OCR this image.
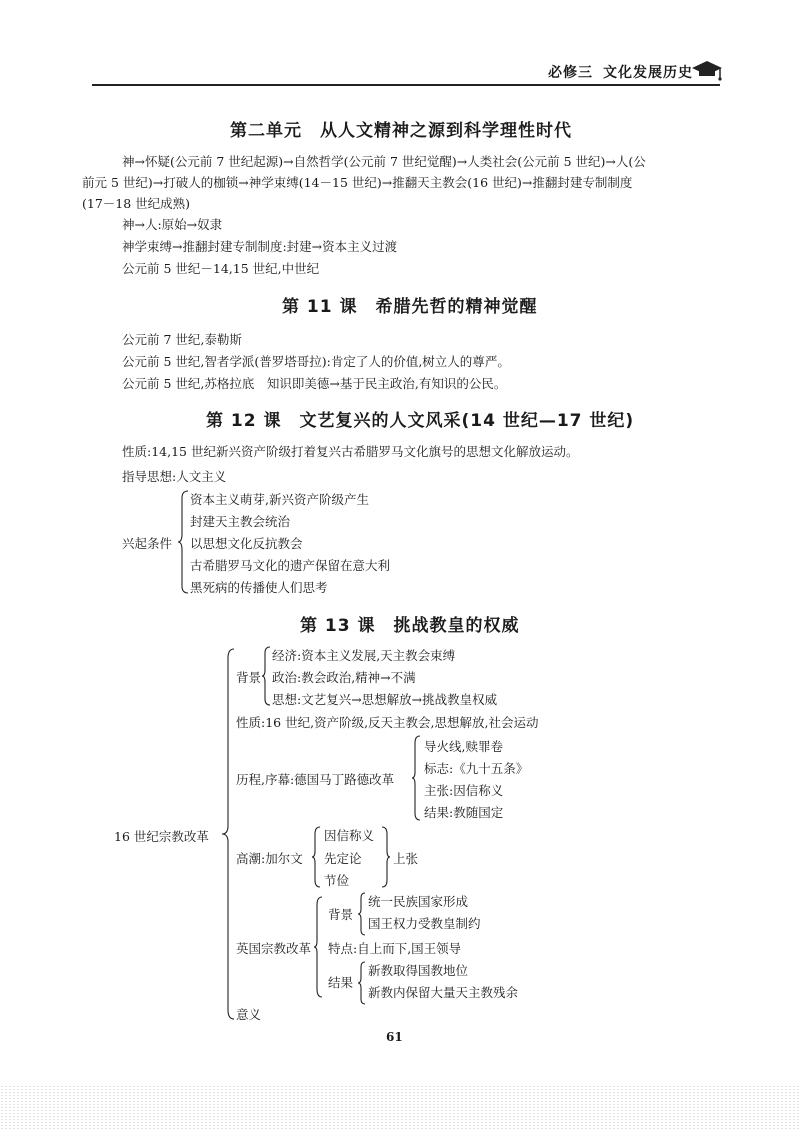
必修三 文化发展历史
第二单元　从人文精神之源到科学理性时代
神→怀疑(公元前 7 世纪起源)→自然哲学(公元前 7 世纪觉醒)→人类社会(公元前 5 世纪)→人(公
前元 5 世纪)→打破人的枷锁→神学束缚(14－15 世纪)→推翻天主教会(16 世纪)→推翻封建专制制度
(17－18 世纪成熟)
神→人:原始→奴隶
神学束缚→推翻封建专制制度:封建→资本主义过渡
公元前 5 世纪－14,15 世纪,中世纪
第 11 课　希腊先哲的精神觉醒
公元前 7 世纪,泰勒斯
公元前 5 世纪,智者学派(普罗塔哥拉):肯定了人的价值,树立人的尊严。
公元前 5 世纪,苏格拉底　知识即美德→基于民主政治,有知识的公民。
第 12 课　文艺复兴的人文风采(14 世纪—17 世纪)
性质:14,15 世纪新兴资产阶级打着复兴古希腊罗马文化旗号的思想文化解放运动。
指导思想:人文主义
兴起条件
资本主义萌芽,新兴资产阶级产生
封建天主教会统治
以思想文化反抗教会
古希腊罗马文化的遗产保留在意大利
黑死病的传播使人们思考
第 13 课　挑战教皇的权威
16 世纪宗教改革
背景
经济:资本主义发展,天主教会束缚
政治:教会政治,精神→不满
思想:文艺复兴→思想解放→挑战教皇权威
性质:16 世纪,资产阶级,反天主教会,思想解放,社会运动
历程,序幕:德国马丁路德改革
导火线,赎罪卷
标志:《九十五条》
主张:因信称义
结果:教随国定
高潮:加尔文
因信称义
先定论
节俭
上张
英国宗教改革
背景
统一民族国家形成
国王权力受教皇制约
特点:自上而下,国王领导
结果
新教取得国教地位
新教内保留大量天主教残余
意义
61
